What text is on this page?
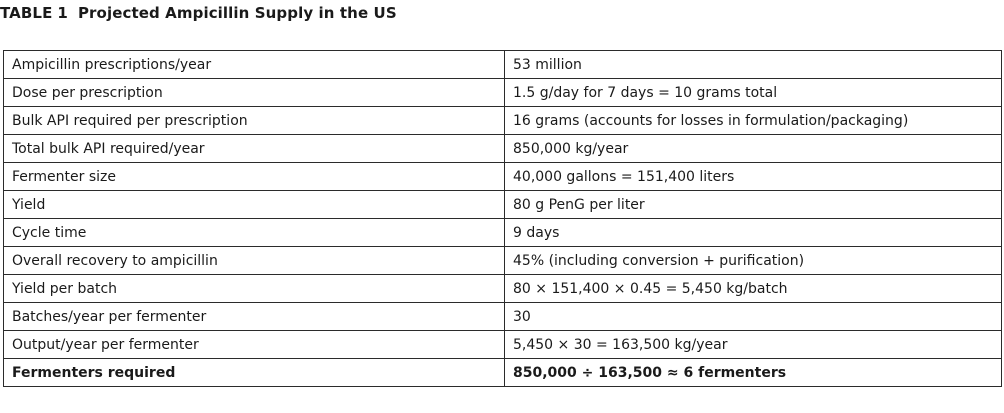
TABLE 1 Projected Ampicillin Supply in the US
Ampicillin prescriptions/year	53 million
Dose per prescription	1.5 g/day for 7 days = 10 grams total
Bulk API required per prescription	16 grams (accounts for losses in formulation/packaging)
Total bulk API required/year	850,000 kg/year
Fermenter size	40,000 gallons = 151,400 liters
Yield	80 g PenG per liter
Cycle time	9 days
Overall recovery to ampicillin	45% (including conversion + purification)
Yield per batch	80 × 151,400 × 0.45 = 5,450 kg/batch
Batches/year per fermenter	30
Output/year per fermenter	5,450 × 30 = 163,500 kg/year
Fermenters required	850,000 ÷ 163,500 ≈ 6 fermenters
